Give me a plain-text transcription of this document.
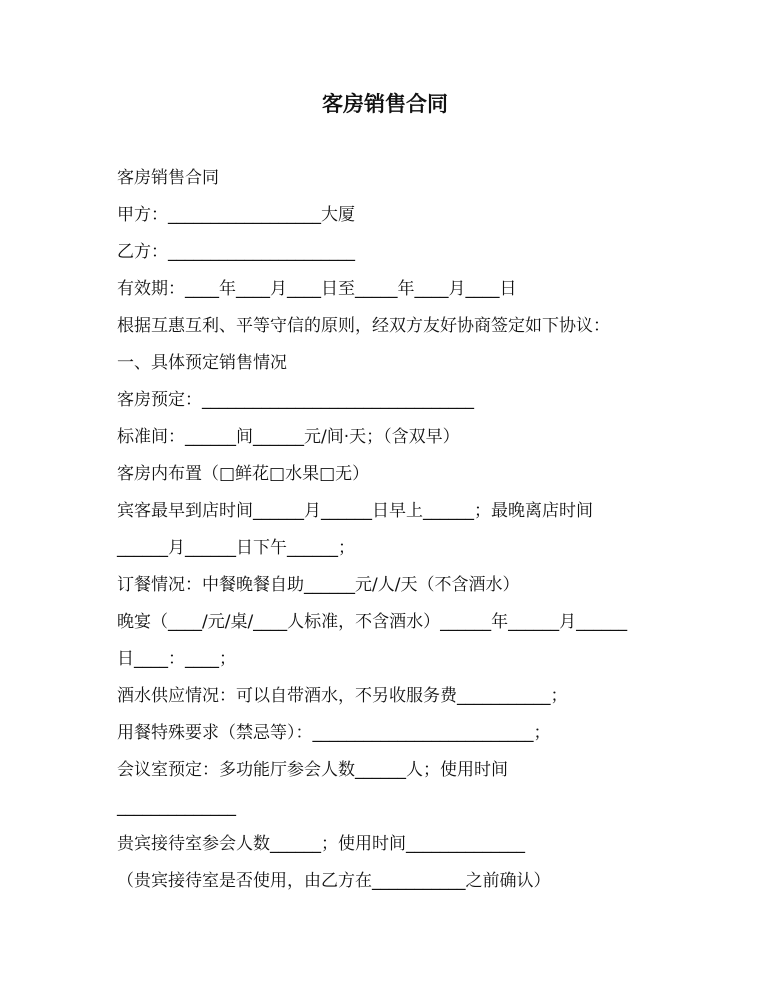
客房销售合同
客房销售合同
甲方：__________________大厦
乙方：______________________
有效期：____年____月____日至_____年____月____日
根据互惠互利、平等守信的原则，经双方友好协商签定如下协议：
一、具体预定销售情况
客房预定：________________________________
标准间：______间______元/间·天；（含双早）
客房内布置（□鲜花□水果□无）
宾客最早到店时间______月______日早上______；最晚离店时间
______月______日下午______；
订餐情况：中餐晚餐自助______元/人/天（不含酒水）
晚宴（____/元/桌/____人标准，不含酒水）______年______月______
日____：____；
酒水供应情况：可以自带酒水，不另收服务费___________；
用餐特殊要求（禁忌等）：__________________________；
会议室预定：多功能厅参会人数______人；使用时间
______________
贵宾接待室参会人数______；使用时间______________
（贵宾接待室是否使用，由乙方在___________之前确认）
